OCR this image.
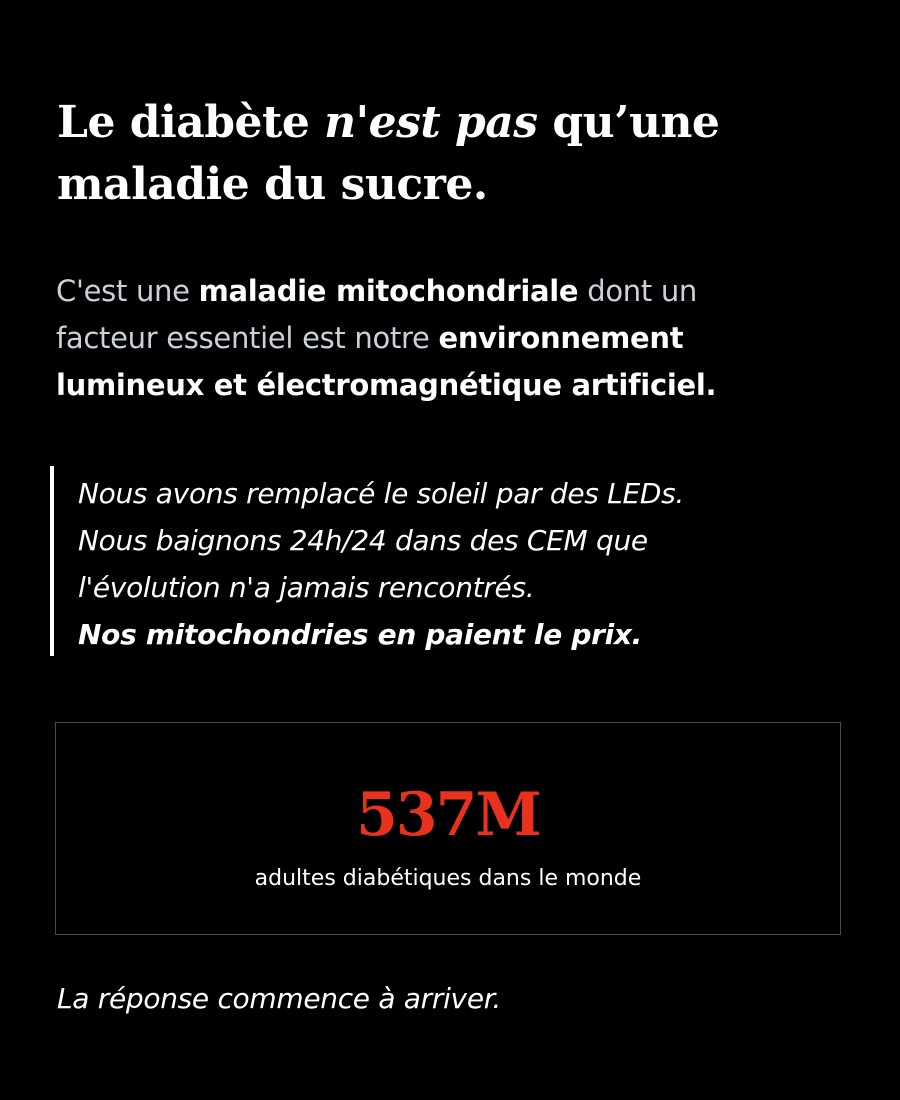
Le diabète n'est pas qu’une
maladie du sucre.

C'est une maladie mitochondriale dont un
facteur essentiel est notre environnement
lumineux et électromagnétique artificiel.

Nous avons remplacé le soleil par des LEDs.
Nous baignons 24h/24 dans des CEM que
l'évolution n'a jamais rencontrés.
Nos mitochondries en paient le prix.

537M
adultes diabétiques dans le monde

La réponse commence à arriver.
